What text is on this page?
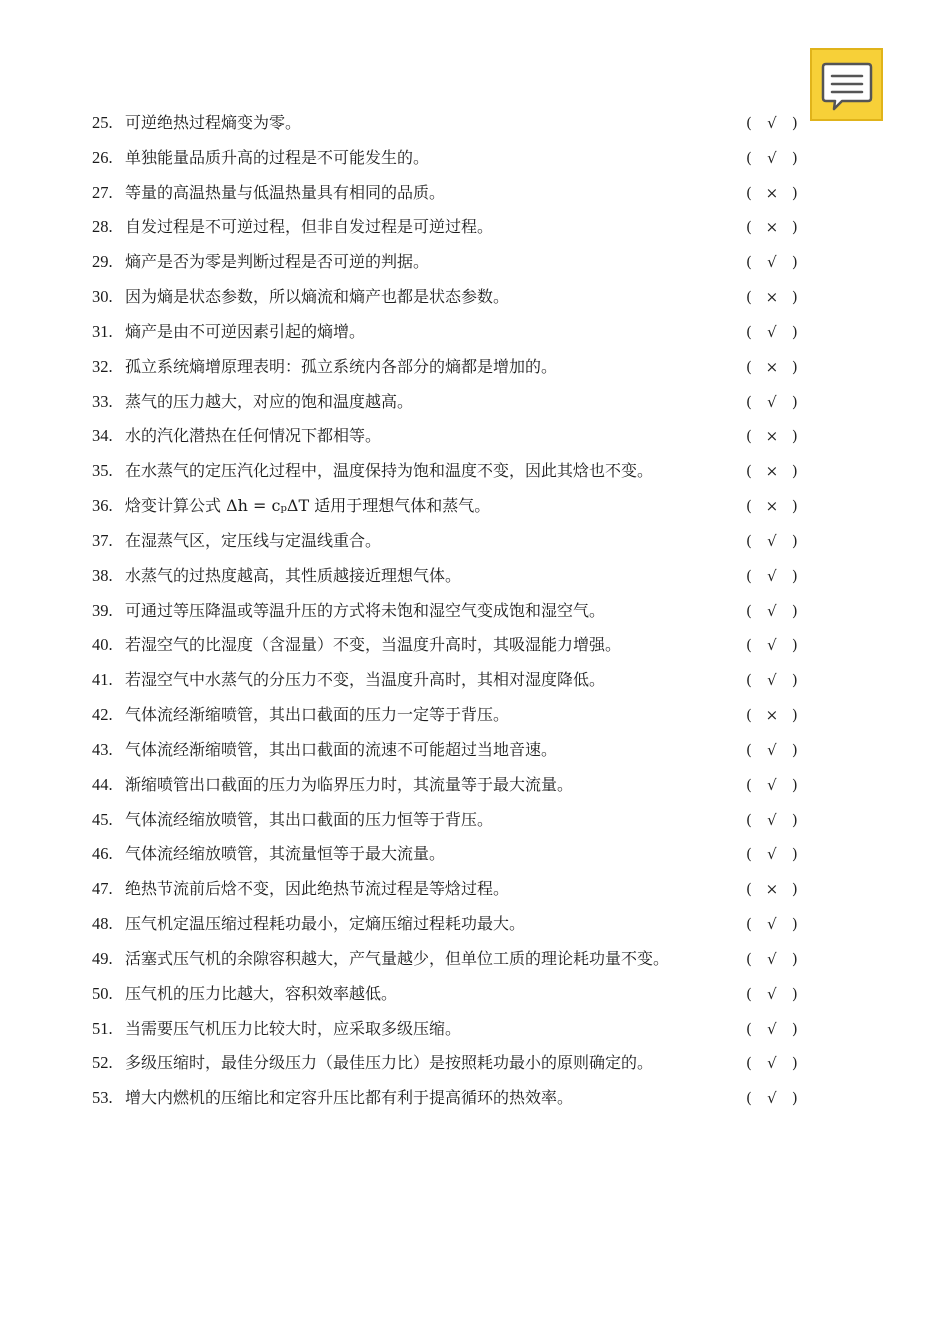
25. 可逆绝热过程熵变为零。	( √ )
26. 单独能量品质升高的过程是不可能发生的。	( √ )
27. 等量的高温热量与低温热量具有相同的品质。	( × )
28. 自发过程是不可逆过程，但非自发过程是可逆过程。	( × )
29. 熵产是否为零是判断过程是否可逆的判据。	( √ )
30. 因为熵是状态参数，所以熵流和熵产也都是状态参数。	( × )
31. 熵产是由不可逆因素引起的熵增。	( √ )
32. 孤立系统熵增原理表明：孤立系统内各部分的熵都是增加的。	( × )
33. 蒸气的压力越大，对应的饱和温度越高。	( √ )
34. 水的汽化潜热在任何情况下都相等。	( × )
35. 在水蒸气的定压汽化过程中，温度保持为饱和温度不变，因此其焓也不变。	( × )
36. 焓变计算公式 Δh = cₚΔT 适用于理想气体和蒸气。	( × )
37. 在湿蒸气区，定压线与定温线重合。	( √ )
38. 水蒸气的过热度越高，其性质越接近理想气体。	( √ )
39. 可通过等压降温或等温升压的方式将未饱和湿空气变成饱和湿空气。	( √ )
40. 若湿空气的比湿度（含湿量）不变，当温度升高时，其吸湿能力增强。	( √ )
41. 若湿空气中水蒸气的分压力不变，当温度升高时，其相对湿度降低。	( √ )
42. 气体流经渐缩喷管，其出口截面的压力一定等于背压。	( × )
43. 气体流经渐缩喷管，其出口截面的流速不可能超过当地音速。	( √ )
44. 渐缩喷管出口截面的压力为临界压力时，其流量等于最大流量。	( √ )
45. 气体流经缩放喷管，其出口截面的压力恒等于背压。	( √ )
46. 气体流经缩放喷管，其流量恒等于最大流量。	( √ )
47. 绝热节流前后焓不变，因此绝热节流过程是等焓过程。	( × )
48. 压气机定温压缩过程耗功最小，定熵压缩过程耗功最大。	( √ )
49. 活塞式压气机的余隙容积越大，产气量越少，但单位工质的理论耗功量不变。	( √ )
50. 压气机的压力比越大，容积效率越低。	( √ )
51. 当需要压气机压力比较大时，应采取多级压缩。	( √ )
52. 多级压缩时，最佳分级压力（最佳压力比）是按照耗功最小的原则确定的。	( √ )
53. 增大内燃机的压缩比和定容升压比都有利于提高循环的热效率。	( √ )
